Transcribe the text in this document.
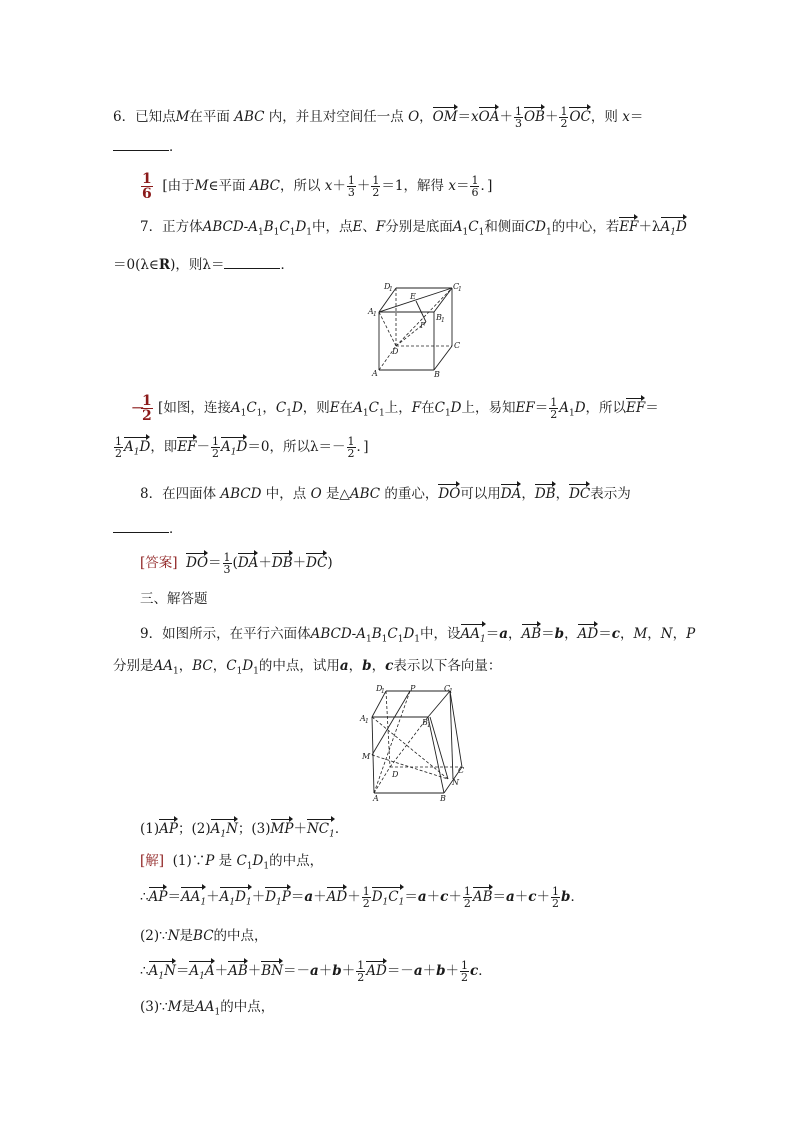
6．已知点M在平面 ABC 内，并且对空间任一点 O，$OM=xOA+ \frac{1}{3} OB+ \frac{1}{2}$ OC，则 x＝
．
$\frac{1}{6}$ [由于M∈平面 ABC，所以 $x+ \frac{1}{3} + \frac{1}{2} =1$，解得 $x= \frac{1}{6}$ ．]
7．正方体ABCD-$A_1B_1C_1D_1$中，点E、F分别是底面$A_1C_1$和侧面$CD_1$的中心，若$EF+\lambda A_1D$
＝0(λ∈R)，则λ＝	．
D
1	C
1
A 1	B 1
E
F
D
C
A	B
$\frac{1}{2}$ [如图，连接$A_1C_1$，$C_1D$，则E在$A_1C_1$上，F在$C_1D$上，易知$EF= \frac{1}{2} A_1D$，所以EF＝
－
$\frac{1}{2} A_1D$，即$EF- \frac{1}{2} A_1D=0$，所以$\lambda=- \frac{1}{2}$ ．]
8．在四面体 ABCD 中，点 O 是△ABC 的重心，DO可以用DA，DB，DC表示为
．
[答案] $DO= \frac{1}{3} (DA+DB+DC)$
三、解答题
9．如图所示，在平行六面体ABCD-$A_1B_1C_1D_1$中，设$AA_1=a$，AB＝b，AD＝c，M，N，P
分别是$AA_1$，BC，$C_1D_1$的中点，试用a，b，c表示以下各向量：
D
1	P	C
1
A 1	B 1
M
D	C
N
A	B
(1)AP；$(2)A_1N$；$(3)MP+NC_1$．
[解]  (1)∵P 是 $C_1D_1$的中点，
$\therefore AP=AA_1+A_1D_1+D_1P=a+AD+ \frac{1}{2} D_1C_1=a+c+ \frac{1}{2} AB=a+c+ \frac{1}{2}$ b．
(2)∵N是BC的中点，
$\therefore A_1N=A_1A+AB+BN=-a+b+ \frac{1}{2} AD=-a+b+ \frac{1}{2}$ c．
(3)∵M是$AA_1$的中点，
